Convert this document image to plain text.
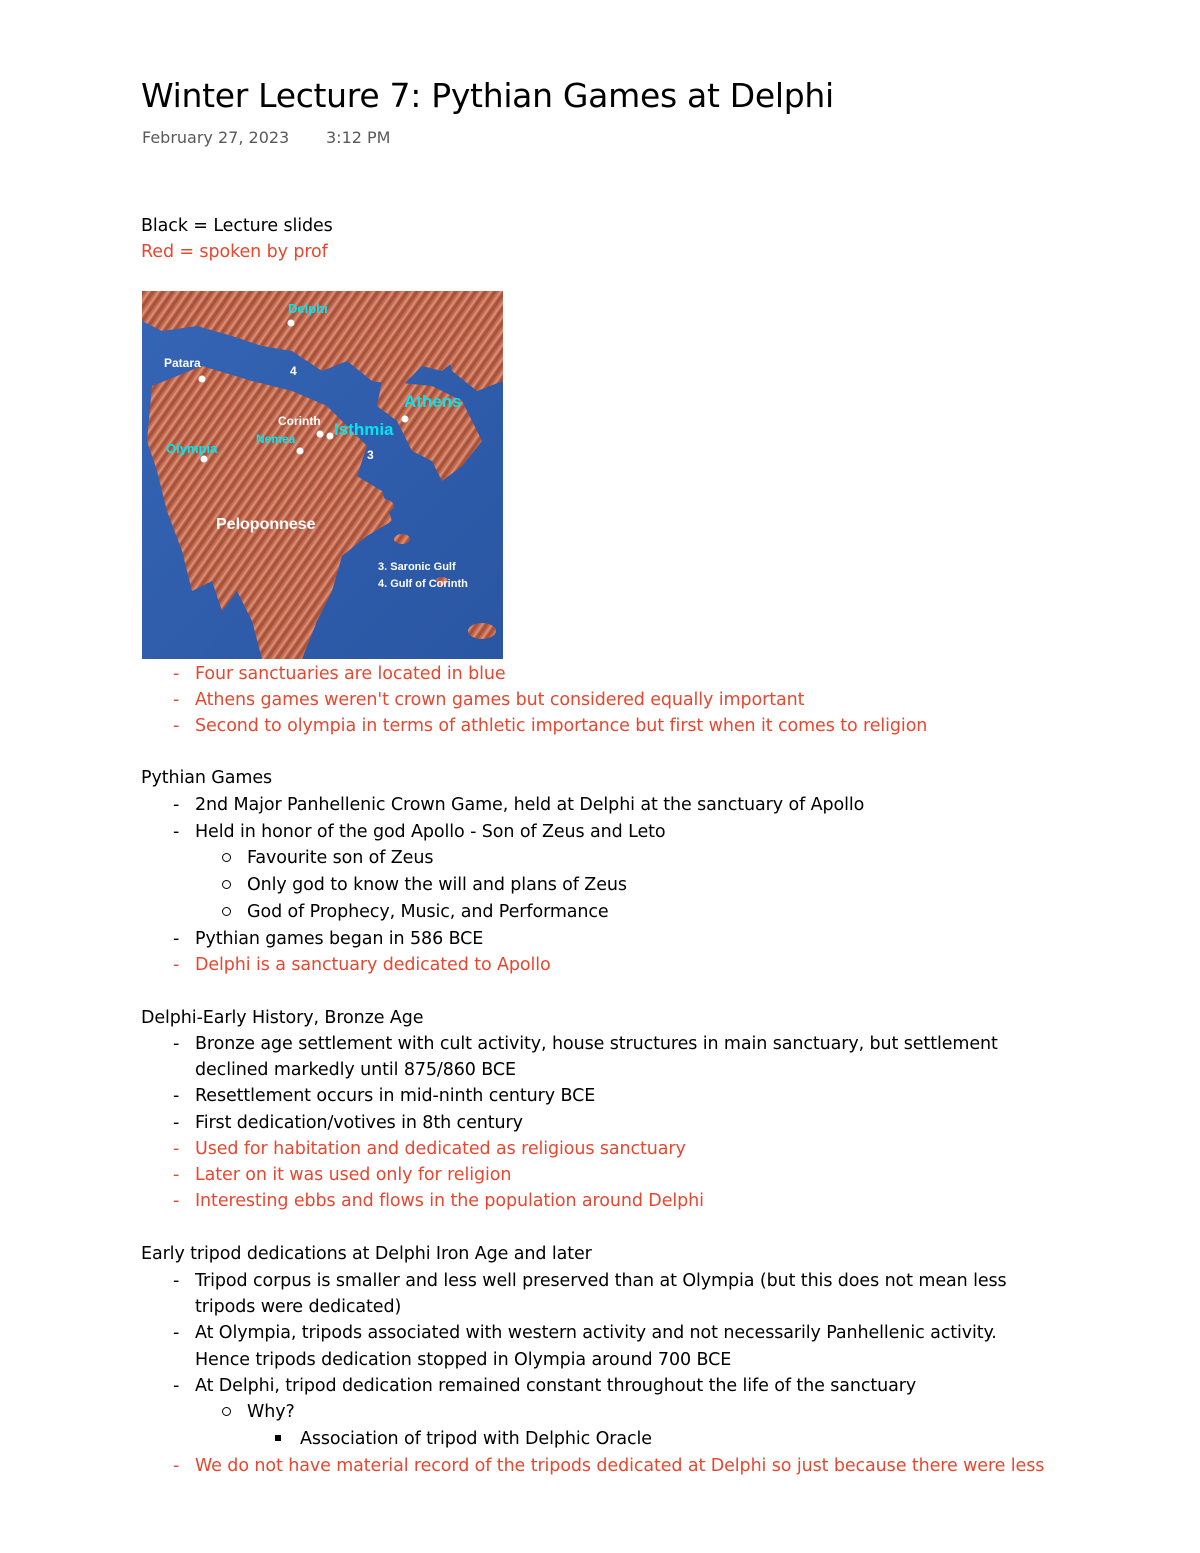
Winter Lecture 7: Pythian Games at Delphi
February 27, 2023 3:12 PM
Black = Lecture slides
Red = spoken by prof
Delphi
Patara
4
Corinth
Athens
Nemea Isthmia
Olympia	3
Peloponnese
3. Saronic Gulf
4. Gulf of Corinth
- Four sanctuaries are located in blue
- Athens games weren't crown games but considered equally important
- Second to olympia in terms of athletic importance but first when it comes to religion
Pythian Games
- 2nd Major Panhellenic Crown Game, held at Delphi at the sanctuary of Apollo
- Held in honor of the god Apollo - Son of Zeus and Leto
Favourite son of Zeus
Only god to know the will and plans of Zeus
God of Prophecy, Music, and Performance
- Pythian games began in 586 BCE
- Delphi is a sanctuary dedicated to Apollo
Delphi-Early History, Bronze Age
- Bronze age settlement with cult activity, house structures in main sanctuary, but settlement
declined markedly until 875/860 BCE
- Resettlement occurs in mid-ninth century BCE
- First dedication/votives in 8th century
- Used for habitation and dedicated as religious sanctuary
- Later on it was used only for religion
- Interesting ebbs and flows in the population around Delphi
Early tripod dedications at Delphi Iron Age and later
- Tripod corpus is smaller and less well preserved than at Olympia (but this does not mean less
tripods were dedicated)
- At Olympia, tripods associated with western activity and not necessarily Panhellenic activity.
Hence tripods dedication stopped in Olympia around 700 BCE
- At Delphi, tripod dedication remained constant throughout the life of the sanctuary
Why?
Association of tripod with Delphic Oracle
- We do not have material record of the tripods dedicated at Delphi so just because there were less
